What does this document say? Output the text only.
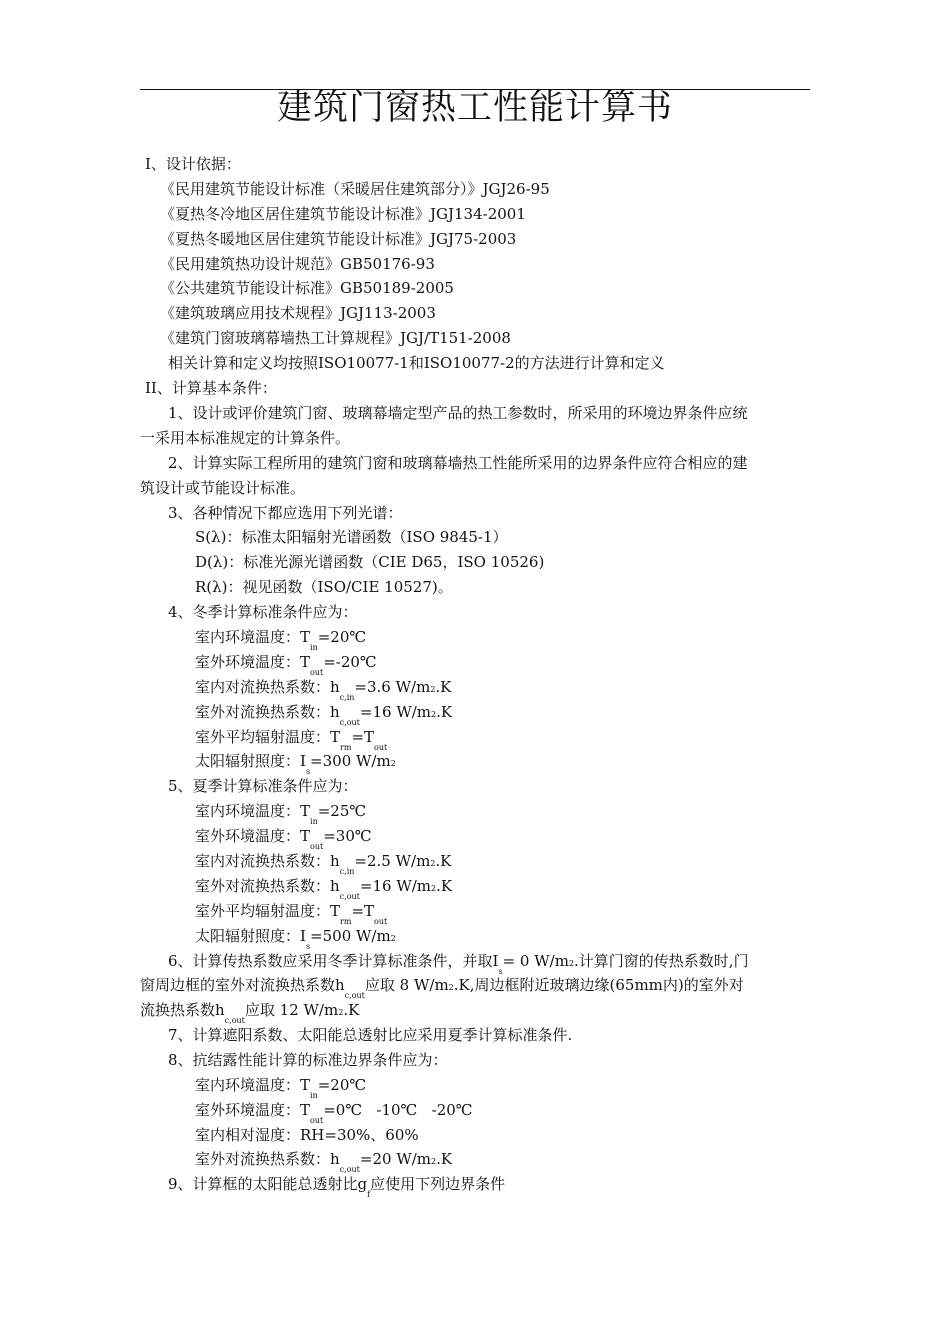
建筑门窗热工性能计算书
I、设计依据：
《民用建筑节能设计标准（采暖居住建筑部分）》JGJ26-95
《夏热冬冷地区居住建筑节能设计标准》JGJ134-2001
《夏热冬暖地区居住建筑节能设计标准》JGJ75-2003
《民用建筑热功设计规范》GB50176-93
《公共建筑节能设计标准》GB50189-2005
《建筑玻璃应用技术规程》JGJ113-2003
《建筑门窗玻璃幕墙热工计算规程》JGJ/T151-2008
相关计算和定义均按照ISO10077-1和ISO10077-2的方法进行计算和定义
II、计算基本条件：
1、设计或评价建筑门窗、玻璃幕墙定型产品的热工参数时，所采用的环境边界条件应统
一采用本标准规定的计算条件。
2、计算实际工程所用的建筑门窗和玻璃幕墙热工性能所采用的边界条件应符合相应的建
筑设计或节能设计标准。
3、各种情况下都应选用下列光谱：
S(λ)：标准太阳辐射光谱函数（ISO 9845-1）
D(λ)：标准光源光谱函数（CIE D65，ISO 10526)
R(λ)：视见函数（ISO/CIE 10527)。
4、冬季计算标准条件应为：
室内环境温度：$T_{in}=20℃$
室外环境温度：$T_{out}=-20℃$
室内对流换热系数：$h_{c,in}=3.6$ W/m2.K
室外对流换热系数：$h_{c,out}=16$ W/m2.K
室外平均辐射温度：$T_{rm}=T_{out}$
太阳辐射照度：$I_s=300$ W/m2
5、夏季计算标准条件应为：
室内环境温度：$T_{in}=25℃$
室外环境温度：$T_{out}=30℃$
室内对流换热系数：$h_{c,in}=2.5$ W/m2.K
室外对流换热系数：$h_{c,out}=16$ W/m2.K
室外平均辐射温度：$T_{rm}=T_{out}$
太阳辐射照度：$I_s=500$ W/m2
6、计算传热系数应采用冬季计算标准条件，并取$I_s= 0$ W/m2.计算门窗的传热系数时,门
窗周边框的室外对流换热系数$h_{c,out}$应取 8 W/m2.K,周边框附近玻璃边缘(65mm内)的室外对
流换热系数$h_{c,out}$应取 12 W/m2.K
7、计算遮阳系数、太阳能总透射比应采用夏季计算标准条件.
8、抗结露性能计算的标准边界条件应为：
室内环境温度：$T_{in}=20℃$
室外环境温度：$T_{out}=0℃$   -10℃   -20℃
室内相对湿度：RH=30%、60%
室外对流换热系数：$h_{c,out}=20$ W/m2.K
9、计算框的太阳能总透射比$g_f$应使用下列边界条件
